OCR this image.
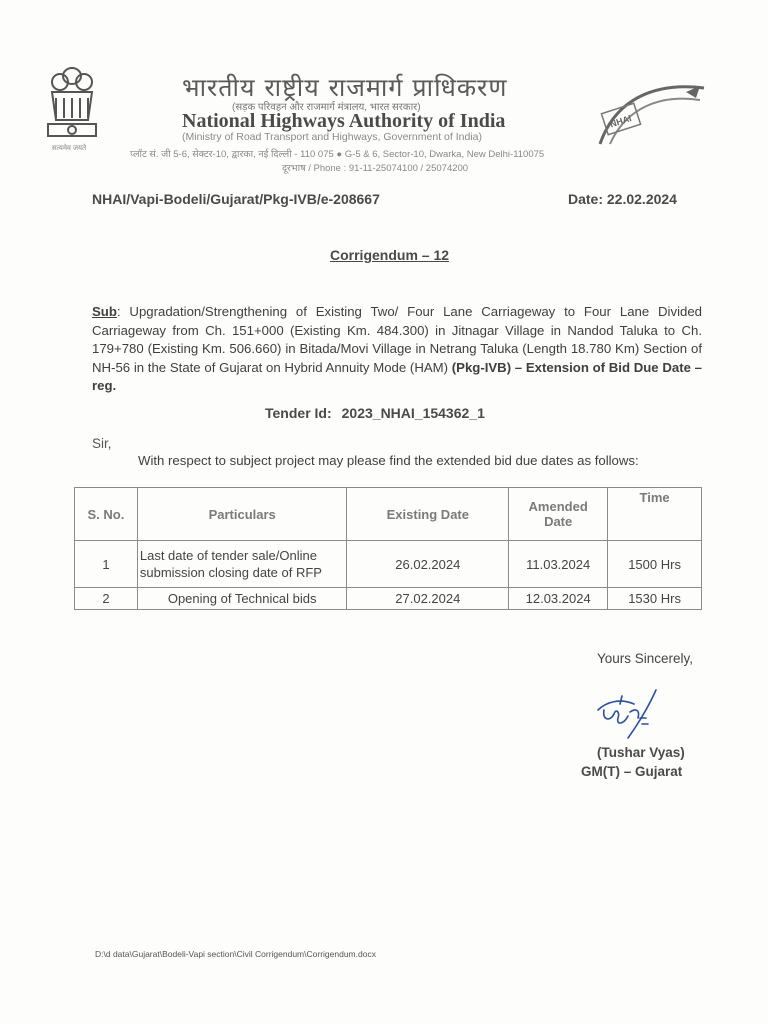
सत्यमेव जयते
भारतीय राष्ट्रीय राजमार्ग प्राधिकरण
(सड़क परिवहन और राजमार्ग मंत्रालय, भारत सरकार)
National Highways Authority of India
(Ministry of Road Transport and Highways, Government of India)
प्लॉट सं. जी 5-6, सेक्टर-10, द्वारका, नई दिल्ली - 110 075 ● G-5 & 6, Sector-10, Dwarka, New Delhi-110075
दूरभाष / Phone : 91-11-25074100 / 25074200
NHAI
NHAI/Vapi-Bodeli/Gujarat/Pkg-IVB/e-208667	Date: 22.02.2024
Corrigendum – 12
Sub: Upgradation/Strengthening of Existing Two/ Four Lane Carriageway to Four Lane Divided Carriageway from Ch. 151+000 (Existing Km. 484.300) in Jitnagar Village in Nandod Taluka to Ch. 179+780 (Existing Km. 506.660) in Bitada/Movi Village in Netrang Taluka (Length 18.780 Km) Section of NH-56 in the State of Gujarat on Hybrid Annuity Mode (HAM) (Pkg-IVB) – Extension of Bid Due Date – reg.
Tender Id: 2023_NHAI_154362_1
Sir,
With respect to subject project may please find the extended bid due dates as follows:
S. No.	Particulars	Existing Date	Amended Date	Time
1	Last date of tender sale/Online submission closing date of RFP	26.02.2024	11.03.2024	1500 Hrs
2	Opening of Technical bids	27.02.2024	12.03.2024	1530 Hrs
Yours Sincerely,
(Tushar Vyas)
GM(T) – Gujarat
D:\d data\Gujarat\Bodeli-Vapi section\Civil Corrigendum\Corrigendum.docx
